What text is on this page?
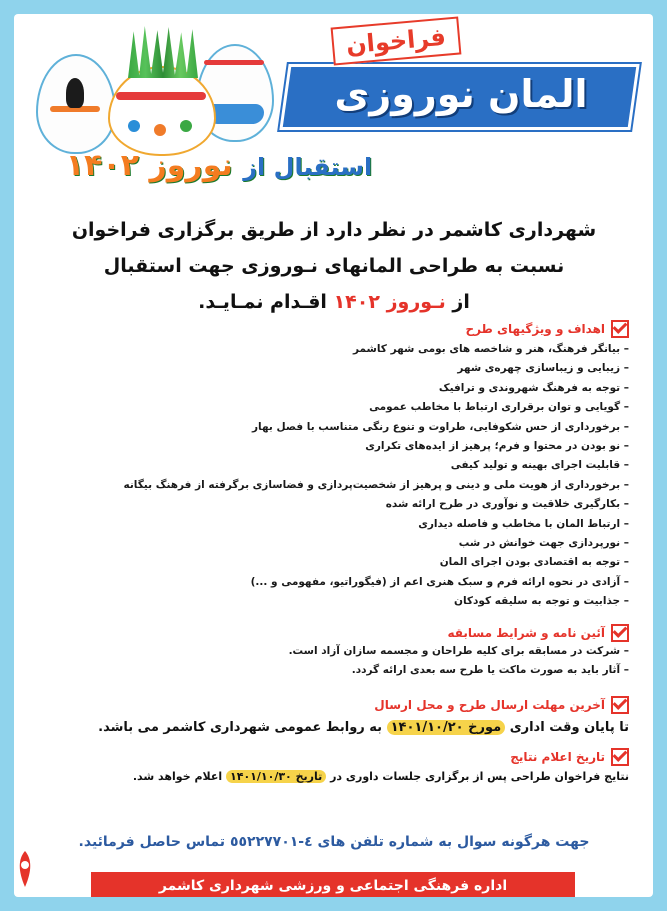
المان نوروزی
فراخوان
استقبال از نوروز ۱۴۰۲
شهرداری کاشمر در نظر دارد از طریق برگزاری فراخوان
نسبت به طراحی المانهای نـوروزی جهت استقبال
از نـوروز ۱۴۰۲ اقـدام نمـایـد.
اهداف و ویژگیهای طرح
– بیانگر فرهنگ، هنر و شاخصه های بومی شهر کاشمر
– زیبایی و زیباسازی چهره‌ی شهر
– توجه به فرهنگ شهروندی و ترافیک
– گویایی و توان برقراری ارتباط با مخاطب عمومی
– برخورداری از حس شکوفایی، طراوت و تنوع رنگی متناسب با فصل بهار
– نو بودن در محتوا و فرم؛ پرهیز از ایده‌های تکراری
– قابلیت اجرای بهینه و تولید کیفی
– برخورداری از هویت ملی و دینی و پرهیز از شخصیت‌پردازی و فضاسازی برگرفته از فرهنگ بیگانه
– بکارگیری خلاقیت و نوآوری در طرح ارائه شده
– ارتباط المان با مخاطب و فاصله دیداری
– نورپردازی جهت خوانش در شب
– توجه به اقتصادی بودن اجرای المان
– آزادی در نحوه ارائه فرم و سبک هنری اعم از (فیگوراتیو، مفهومی و ...)
– جذابیت و توجه به سلیقه کودکان
آئین نامه و شرایط مسابقه
– شرکت در مسابقه برای کلیه طراحان و مجسمه سازان آزاد است.
– آثار باید به صورت ماکت یا طرح سه بعدی ارائه گردد.
آخرین مهلت ارسال طرح و محل ارسال
تا پایان وقت اداری مورخ ۱۴۰۱/۱۰/۲۰ به روابط عمومی شهرداری کاشمر می باشد.
تاریخ اعلام نتایج
نتایج فراخوان طراحی پس از برگزاری جلسات داوری در تاریخ ۱۴۰۱/۱۰/۳۰ اعلام خواهد شد.
جهت هرگونه سوال به شماره تلفن های ٤-٥٥٢٢٧٧٠١ تماس حاصل فرمائید.
اداره فرهنگی اجتماعی و ورزشی شهرداری کاشمر
